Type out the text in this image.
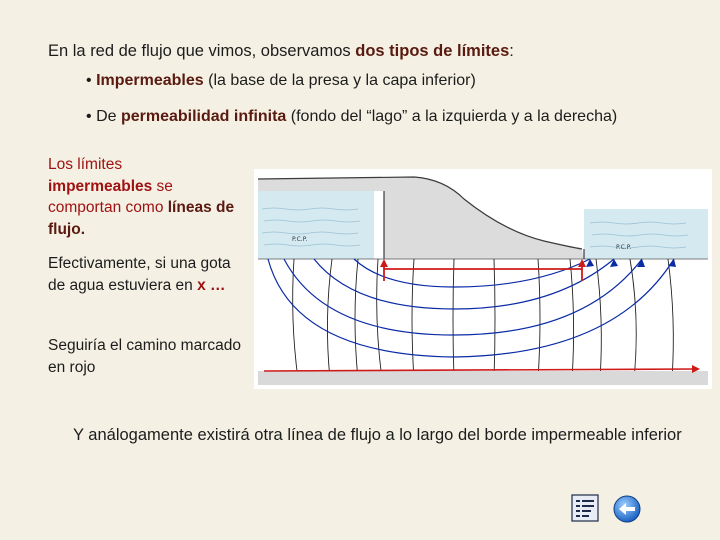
En la red de flujo que vimos, observamos dos tipos de límites:
• Impermeables (la base de la presa y la capa inferior)
• De permeabilidad infinita (fondo del “lago” a la izquierda y a la derecha)
Los límites
impermeables se comportan como líneas de flujo.
Efectivamente, si una gota de agua estuviera en x …
Seguiría el camino marcado en rojo
P.C.P.
P.C.P.
Y análogamente existirá otra línea de flujo a lo largo del borde impermeable inferior
